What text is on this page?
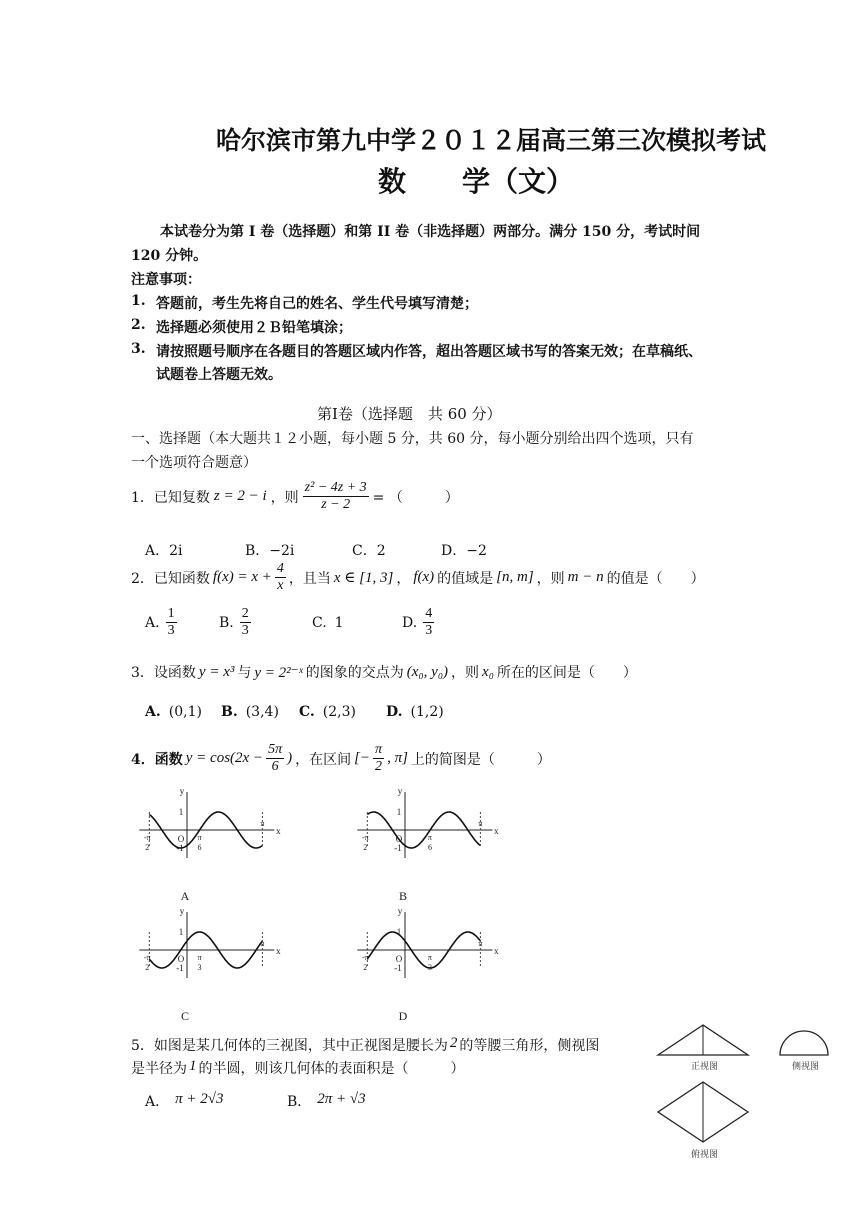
哈尔滨市第九中学２０１２届高三第三次模拟考试
数　　学（文）
本试卷分为第 I 卷（选择题）和第 II 卷（非选择题）两部分。满分 150 分，考试时间
120 分钟。
注意事项：
1. 答题前，考生先将自己的姓名、学生代号填写清楚；
2. 选择题必须使用２Ｂ铅笔填涂；
3. 请按照题号顺序在各题目的答题区域内作答，超出答题区域书写的答案无效；在草稿纸、
试题卷上答题无效。
第Ⅰ卷（选择题　共 60 分）
一、选择题（本大题共１２小题，每小题 5 分，共 60 分，每小题分别给出四个选项，只有
一个选项符合题意）
1．已知复数 z = 2 − i ，则 $\frac{\text{z² − 4z + 3}}{z - 2}$ = （　　　）
A．2i	B．−2i	C．2	D．−2
2．已知函数 $f(x) = x + \frac{4}{x}$ ，且当 x ∈ [1, 3] ， f(x) 的值域是 [n, m] ，则 m − n 的值是（　　）
A. $\frac{1}{3}$	B. $\frac{2}{3}$	C. 1	D. $\frac{4}{3}$
3．设函数 y = x³ 与 y = 2²⁻ˣ 的图象的交点为 (x₀, y₀) ，则 x₀ 所在的区间是（　　）
A. (0,1) B. (3,4) C. (2,3) D. (1,2)
4．函数 $y = \cos(2x - \frac{5\pi}{6}$ ) ，在区间 [− $\frac{\pi}{2}$ , π] 上的简图是（　　　）
x
y
1
-1
O
-π
2
π
6
π
A
x
y
1
-1
O
-π
2
π
6
π
B
x
y
1
-1
O
-π
2
π
3
π
C
x
y
1
-1
O
-π
2
π
3
π
D
5．如图是某几何体的三视图，其中正视图是腰长为 2 的等腰三角形，侧视图
是半径为 1 的半圆，则该几何体的表面积是（　　　）
A． π + 2√3	B． 2π + √3
正视图	侧视图
俯视图
